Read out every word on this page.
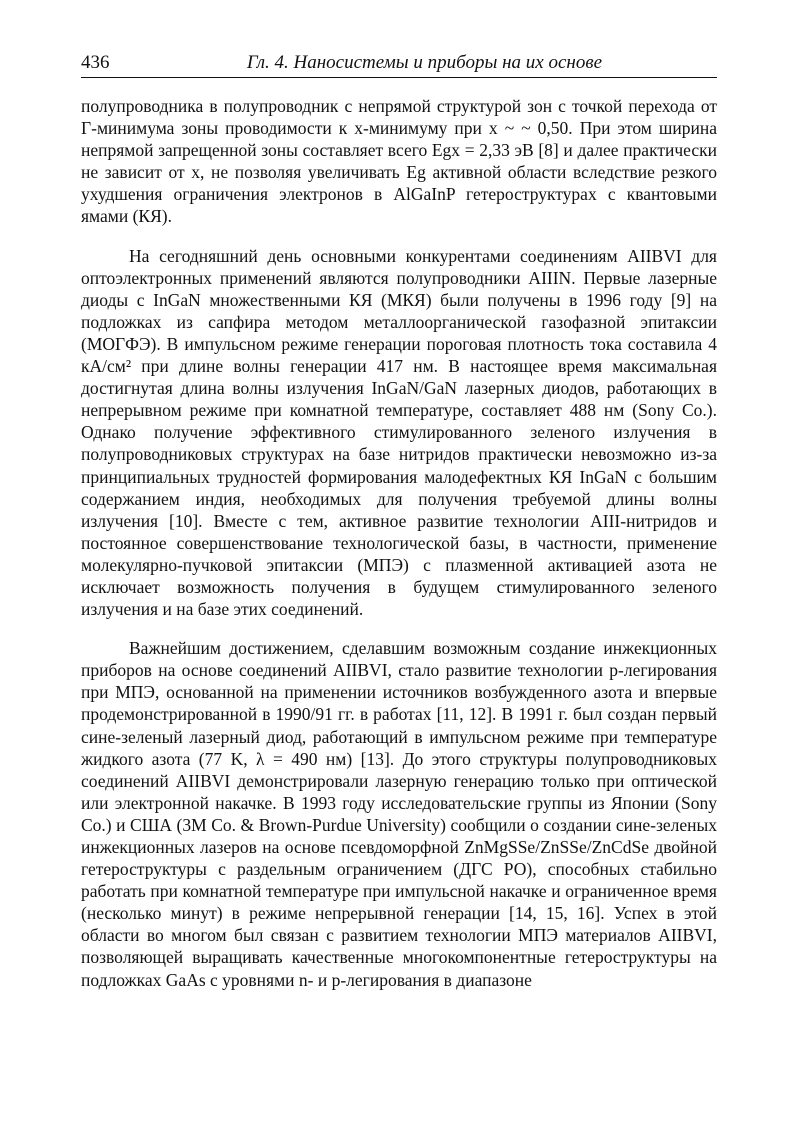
436	Гл. 4. Наносистемы и приборы на их основе

полупроводника в полупроводник с непрямой структурой зон с точкой перехода от Г-минимума зоны проводимости к x-минимуму при x ~ ~ 0,50. При этом ширина непрямой запрещенной зоны составляет всего Egx = 2,33 эВ [8] и далее практически не зависит от x, не позволяя увеличивать Eg активной области вследствие резкого ухудшения ограничения электронов в AlGaInP гетероструктурах с квантовыми ямами (КЯ).

На сегодняшний день основными конкурентами соединениям AIIBVI для оптоэлектронных применений являются полупроводники AIIIN. Первые лазерные диоды с InGaN множественными КЯ (МКЯ) были получены в 1996 году [9] на подложках из сапфира методом металлоорганической газофазной эпитаксии (МОГФЭ). В импульсном режиме генерации пороговая плотность тока составила 4 кА/см² при длине волны генерации 417 нм. В настоящее время максимальная достигнутая длина волны излучения InGaN/GaN лазерных диодов, работающих в непрерывном режиме при комнатной температуре, составляет 488 нм (Sony Co.). Однако получение эффективного стимулированного зеленого излучения в полупроводниковых структурах на базе нитридов практически невозможно из-за принципиальных трудностей формирования малодефектных КЯ InGaN с большим содержанием индия, необходимых для получения требуемой длины волны излучения [10]. Вместе с тем, активное развитие технологии AIII-нитридов и постоянное совершенствование технологической базы, в частности, применение молекулярно-пучковой эпитаксии (МПЭ) с плазменной активацией азота не исключает возможность получения в будущем стимулированного зеленого излучения и на базе этих соединений.

Важнейшим достижением, сделавшим возможным создание инжекционных приборов на основе соединений AIIBVI, стало развитие технологии p-легирования при МПЭ, основанной на применении источников возбужденного азота и впервые продемонстрированной в 1990/91 гг. в работах [11, 12]. В 1991 г. был создан первый сине-зеленый лазерный диод, работающий в импульсном режиме при температуре жидкого азота (77 K, λ = 490 нм) [13]. До этого структуры полупроводниковых соединений AIIBVI демонстрировали лазерную генерацию только при оптической или электронной накачке. В 1993 году исследовательские группы из Японии (Sony Co.) и США (3M Co. & Brown-Purdue University) сообщили о создании сине-зеленых инжекционных лазеров на основе псевдоморфной ZnMgSSe/ZnSSe/ZnCdSe двойной гетероструктуры с раздельным ограничением (ДГС РО), способных стабильно работать при комнатной температуре при импульсной накачке и ограниченное время (несколько минут) в режиме непрерывной генерации [14, 15, 16]. Успех в этой области во многом был связан с развитием технологии МПЭ материалов AIIBVI, позволяющей выращивать качественные многокомпонентные гетероструктуры на подложках GaAs с уровнями n- и p-легирования в диапазоне
